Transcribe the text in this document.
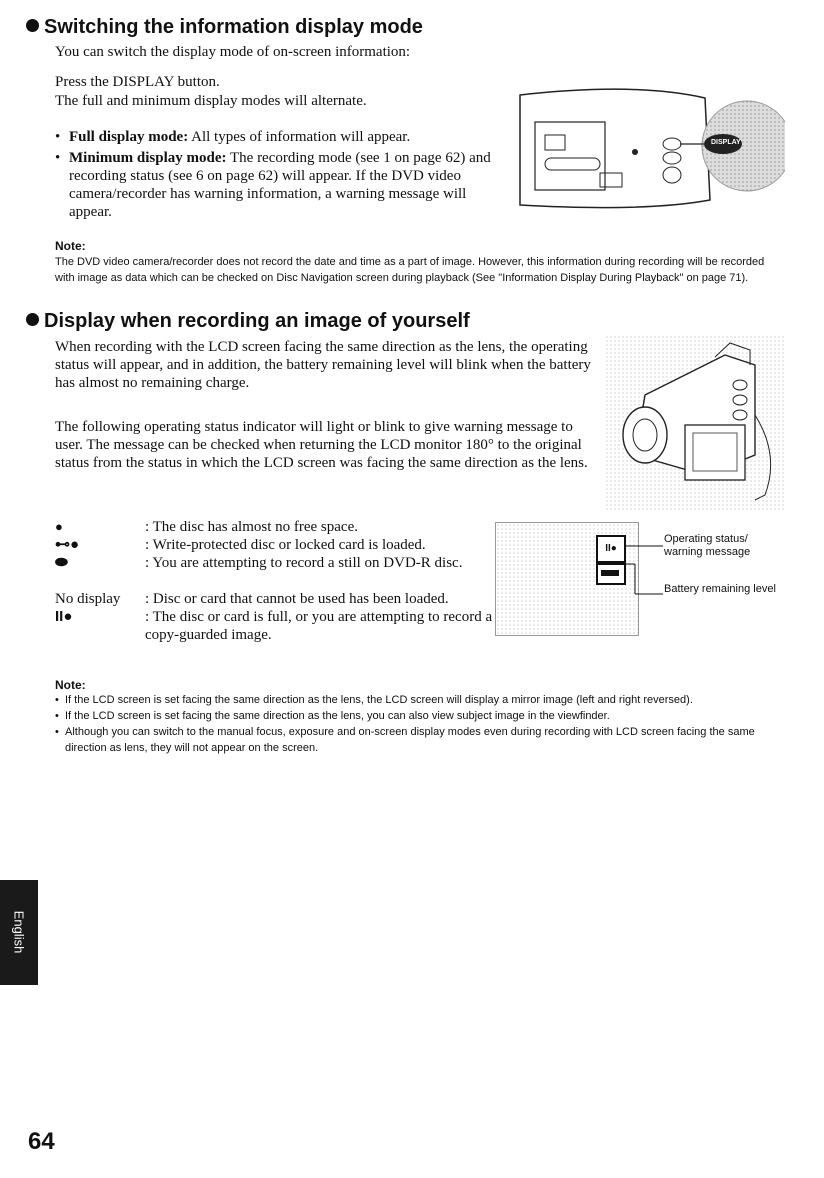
Switching the information display mode
You can switch the display mode of on-screen information:
Press the DISPLAY button.
The full and minimum display modes will alternate.
• Full display mode: All types of information will appear.
• Minimum display mode: The recording mode (see 1 on page 62) and recording status (see 6 on page 62) will appear. If the DVD video camera/recorder has warning information, a warning message will appear.
DISPLAY
Note:
The DVD video camera/recorder does not record the date and time as a part of image. However, this information during recording will be recorded with image as data which can be checked on Disc Navigation screen during playback (See "Information Display During Playback" on page 71).
Display when recording an image of yourself
When recording with the LCD screen facing the same direction as the lens, the operating status will appear, and in addition, the battery remaining level will blink when the battery has almost no remaining charge.
The following operating status indicator will light or blink to give warning message to user. The message can be checked when returning the LCD monitor 180° to the original status from the status in which the LCD screen was facing the same direction as the lens.
●	: The disc has almost no free space.
⊷●	: Write-protected disc or locked card is loaded.
⬬	: You are attempting to record a still on DVD-R disc.
No display : Disc or card that cannot be used has been loaded.
II●	: The disc or card is full, or you are attempting to record a copy-guarded image.
II●
Operating status/ warning message
Battery remaining level
Note:
• If the LCD screen is set facing the same direction as the lens, the LCD screen will display a mirror image (left and right reversed).
• If the LCD screen is set facing the same direction as the lens, you can also view subject image in the viewfinder.
• Although you can switch to the manual focus, exposure and on-screen display modes even during recording with LCD screen facing the same direction as lens, they will not appear on the screen.
English
64
